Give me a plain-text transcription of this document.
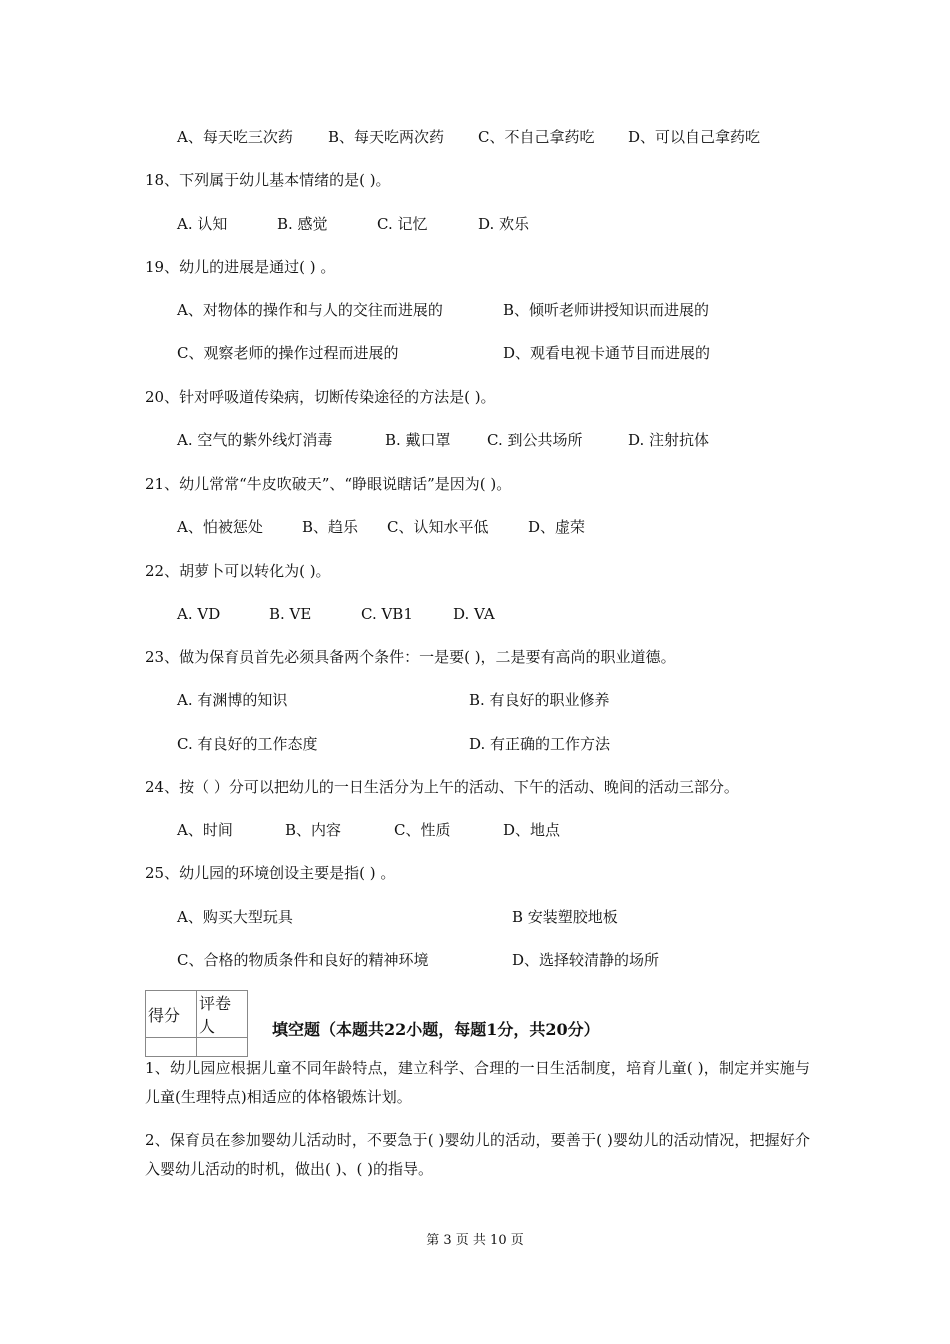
A、每天吃三次药 B、每天吃两次药 C、不自己拿药吃 D、可以自己拿药吃
18、下列属于幼儿基本情绪的是( )。
A. 认知	B. 感觉	C. 记忆	D. 欢乐
19、幼儿的进展是通过( ) 。
A、对物体的操作和与人的交往而进展的	B、倾听老师讲授知识而进展的
C、观察老师的操作过程而进展的	D、观看电视卡通节目而进展的
20、针对呼吸道传染病，切断传染途径的方法是( )。
A. 空气的紫外线灯消毒	B. 戴口罩 C. 到公共场所	D. 注射抗体
21、幼儿常常“牛皮吹破天”、“睁眼说瞎话”是因为( )。
A、怕被惩处	B、趋乐 C、认知水平低	D、虚荣
22、胡萝卜可以转化为( )。
A. VD	B. VE	C. VB1	D. VA
23、做为保育员首先必须具备两个条件：一是要( )，二是要有高尚的职业道德。
A. 有渊博的知识	B. 有良好的职业修养
C. 有良好的工作态度	D. 有正确的工作方法
24、按（ ）分可以把幼儿的一日生活分为上午的活动、下午的活动、晚间的活动三部分。
A、时间	B、内容	C、性质	D、地点
25、幼儿园的环境创设主要是指( ) 。
A、购买大型玩具	B 安装塑胶地板
C、合格的物质条件和良好的精神环境	D、选择较清静的场所
得分	评卷人
		填空题（本题共22小题，每题1分，共20分）
1、幼儿园应根据儿童不同年龄特点，建立科学、合理的一日生活制度，培育儿童( )，制定并实施与儿童(生理特点)相适应的体格锻炼计划。
2、保育员在参加婴幼儿活动时，不要急于( )婴幼儿的活动，要善于( )婴幼儿的活动情况，把握好介入婴幼儿活动的时机，做出( )、( )的指导。
第 3 页 共 10 页
